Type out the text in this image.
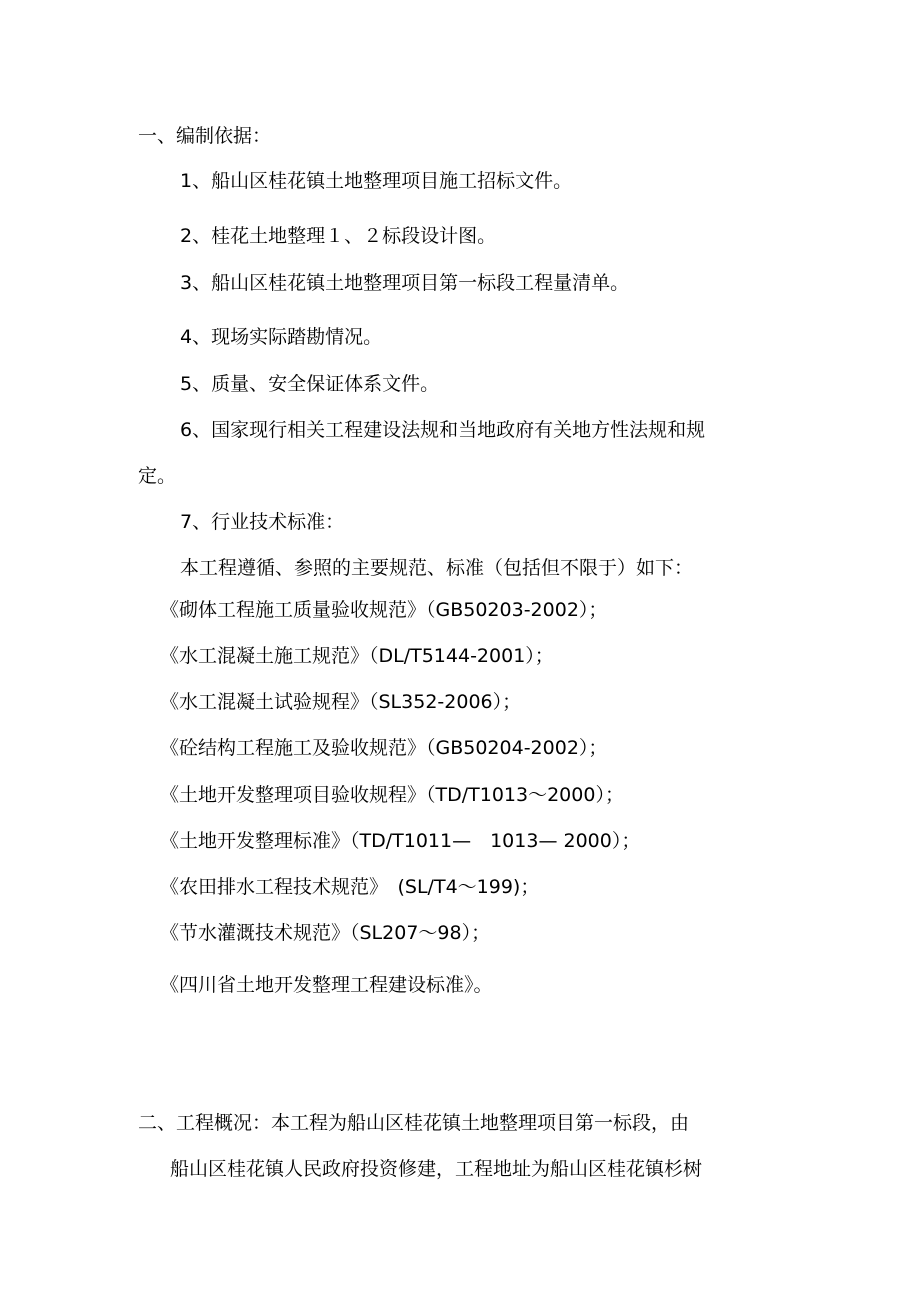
一、编制依据：

1、船山区桂花镇土地整理项目施工招标文件。

2、桂花土地整理１、２标段设计图。

3、船山区桂花镇土地整理项目第一标段工程量清单。

4、现场实际踏勘情况。

5、质量、安全保证体系文件。

6、国家现行相关工程建设法规和当地政府有关地方性法规和规

定。

7、行业技术标准：

本工程遵循、参照的主要规范、标准（包括但不限于）如下：

《砌体工程施工质量验收规范》（GB50203-2002）；

《水工混凝土施工规范》（DL/T5144-2001）；

《水工混凝土试验规程》（SL352-2006）；

《砼结构工程施工及验收规范》（GB50204-2002）；

《土地开发整理项目验收规程》（TD/T1013～2000）；

《土地开发整理标准》（TD/T1011—　1013— 2000）；

《农田排水工程技术规范》　(SL/T4～199)；

《节水灌溉技术规范》（SL207～98）；

《四川省土地开发整理工程建设标准》。

二、工程概况：本工程为船山区桂花镇土地整理项目第一标段，由

船山区桂花镇人民政府投资修建，工程地址为船山区桂花镇杉树
